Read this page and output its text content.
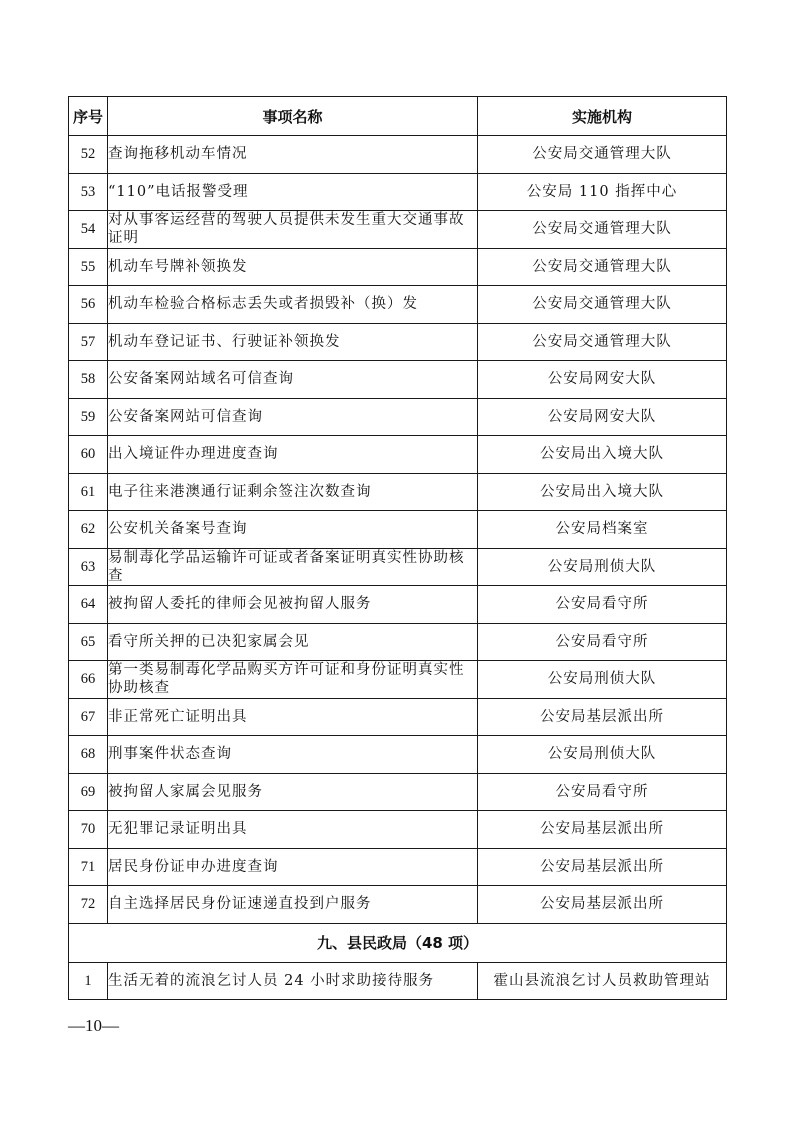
序号	事项名称	实施机构
52	查询拖移机动车情况	公安局交通管理大队
53	“110”电话报警受理	公安局 110 指挥中心
54	对从事客运经营的驾驶人员提供未发生重大交通事故证明	公安局交通管理大队
55	机动车号牌补领换发	公安局交通管理大队
56	机动车检验合格标志丢失或者损毁补（换）发	公安局交通管理大队
57	机动车登记证书、行驶证补领换发	公安局交通管理大队
58	公安备案网站域名可信查询	公安局网安大队
59	公安备案网站可信查询	公安局网安大队
60	出入境证件办理进度查询	公安局出入境大队
61	电子往来港澳通行证剩余签注次数查询	公安局出入境大队
62	公安机关备案号查询	公安局档案室
63	易制毒化学品运输许可证或者备案证明真实性协助核查	公安局刑侦大队
64	被拘留人委托的律师会见被拘留人服务	公安局看守所
65	看守所关押的已决犯家属会见	公安局看守所
66	第一类易制毒化学品购买方许可证和身份证明真实性协助核查	公安局刑侦大队
67	非正常死亡证明出具	公安局基层派出所
68	刑事案件状态查询	公安局刑侦大队
69	被拘留人家属会见服务	公安局看守所
70	无犯罪记录证明出具	公安局基层派出所
71	居民身份证申办进度查询	公安局基层派出所
72	自主选择居民身份证速递直投到户服务	公安局基层派出所
九、县民政局（48 项）		
1	生活无着的流浪乞讨人员 24 小时求助接待服务	霍山县流浪乞讨人员救助管理站
—10—
